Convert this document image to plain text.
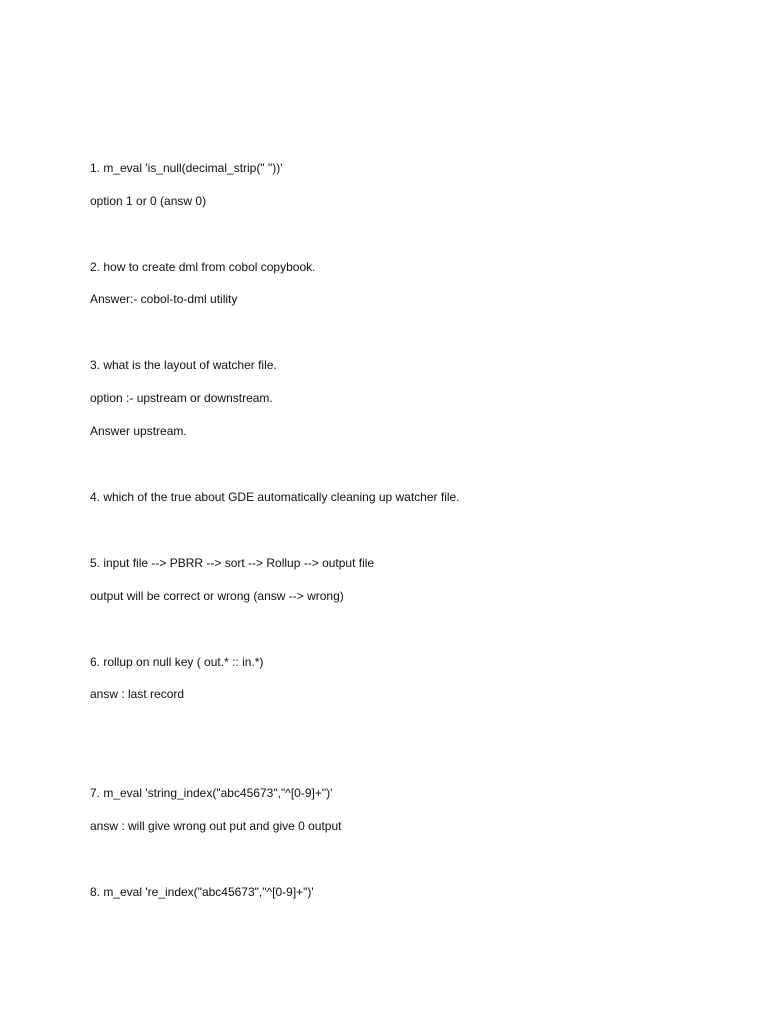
1. m_eval 'is_null(decimal_strip(" "))'
option 1 or 0 (answ 0)
2. how to create dml from cobol copybook.
Answer:- cobol-to-dml utility
3. what is the layout of watcher file.
option :- upstream or downstream.
Answer upstream.
4. which of the true about GDE automatically cleaning up watcher file.
5. input file --> PBRR --> sort --> Rollup --> output file
output will be correct or wrong (answ --> wrong)
6. rollup on null key ( out.* :: in.*)
answ : last record
7. m_eval 'string_index("abc45673","^[0-9]+")'
answ : will give wrong out put and give 0 output
8. m_eval 're_index("abc45673","^[0-9]+")'
